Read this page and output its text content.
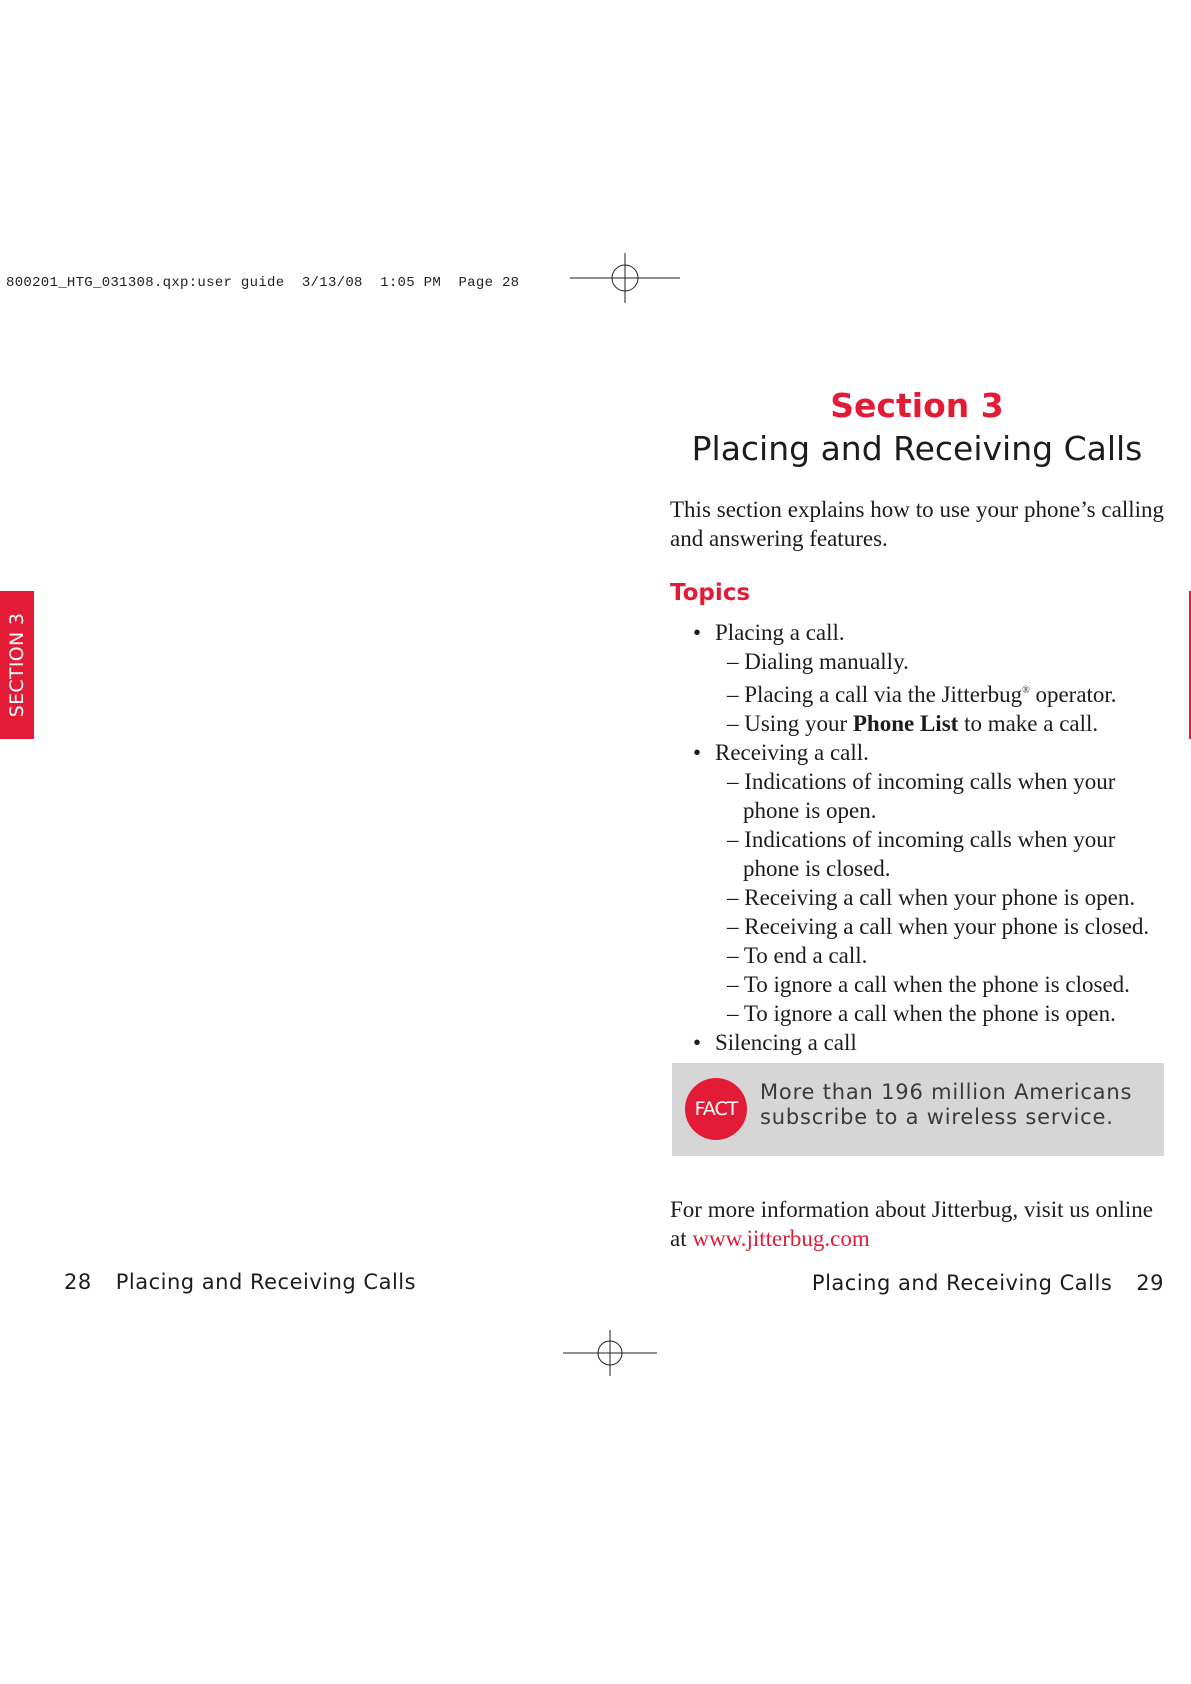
800201_HTG_031308.qxp:user guide  3/13/08  1:05 PM  Page 28
SECTION 3
Section 3
Placing and Receiving Calls
This section explains how to use your phone’s calling and answering features.
Topics
• Placing a call.
– Dialing manually.
– Placing a call via the Jitterbug® operator.
– Using your Phone List to make a call.
• Receiving a call.
– Indications of incoming calls when your
phone is open.
– Indications of incoming calls when your
phone is closed.
– Receiving a call when your phone is open.
– Receiving a call when your phone is closed.
– To end a call.
– To ignore a call when the phone is closed.
– To ignore a call when the phone is open.
• Silencing a call
FACT
More than 196 million Americans
subscribe to a wireless service.
For more information about Jitterbug, visit us online at www.jitterbug.com
28 Placing and Receiving Calls	Placing and Receiving Calls 29
